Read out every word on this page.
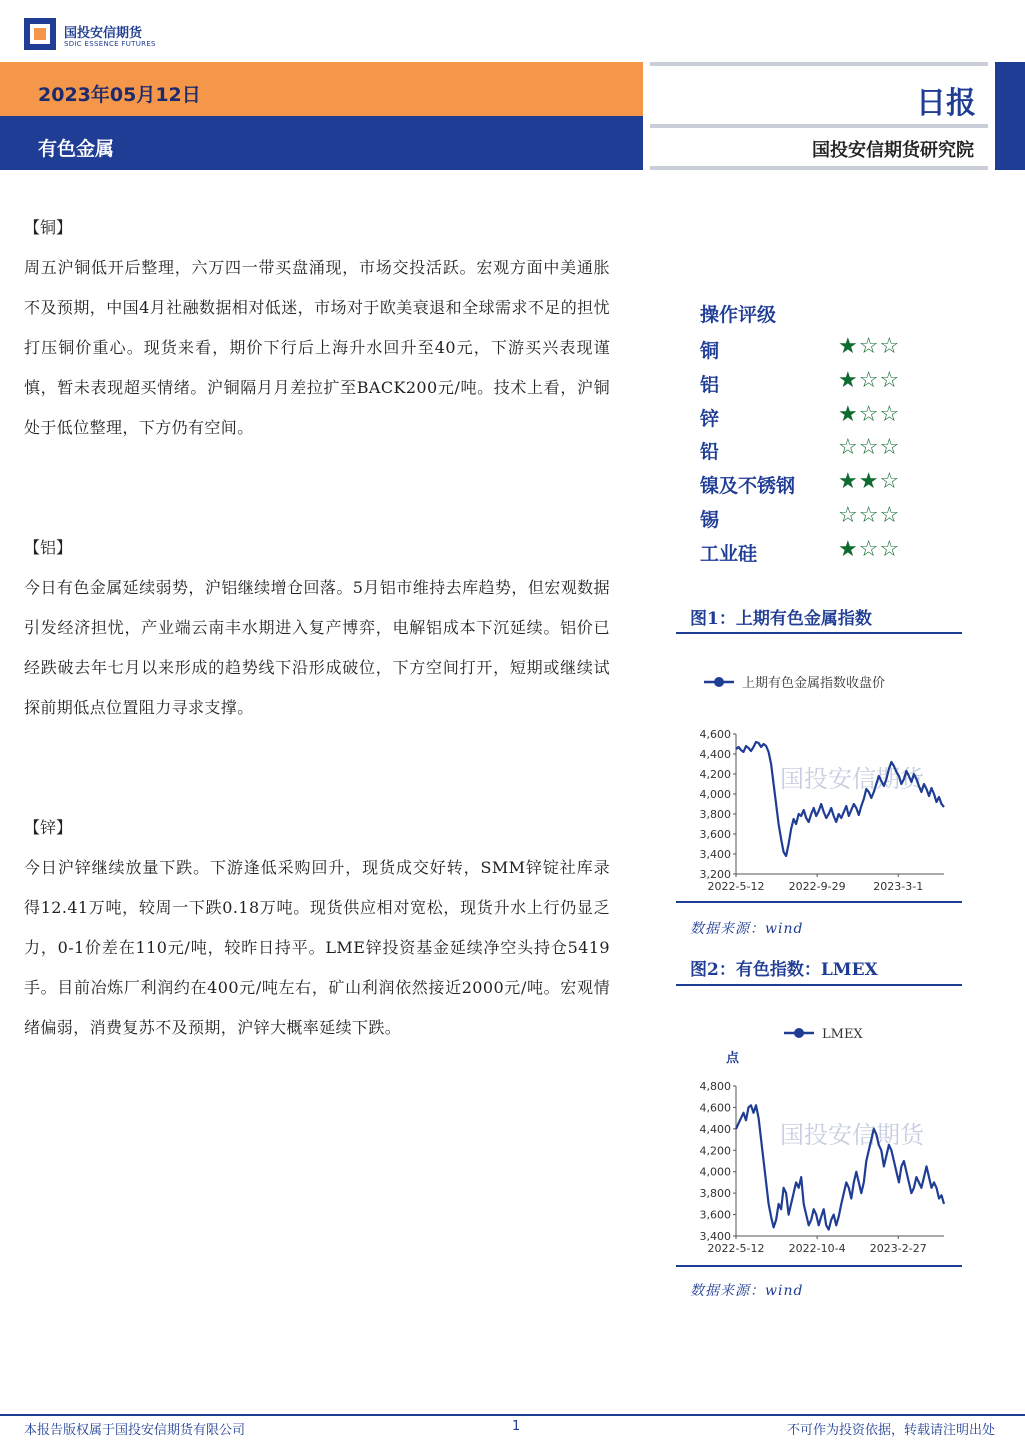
国投安信期货
SDIC ESSENCE FUTURES
2023年05月12日
有色金属
日报
国投安信期货研究院
【铜】
周五沪铜低开后整理，六万四一带买盘涌现，市场交投活跃。宏观方面中美通胀不及预期，中国4月社融数据相对低迷，市场对于欧美衰退和全球需求不足的担忧打压铜价重心。现货来看，期价下行后上海升水回升至40元，下游买兴表现谨慎，暂未表现超买情绪。沪铜隔月月差拉扩至BACK200元/吨。技术上看，沪铜处于低位整理，下方仍有空间。
【铝】
今日有色金属延续弱势，沪铝继续增仓回落。5月铝市维持去库趋势，但宏观数据引发经济担忧，产业端云南丰水期进入复产博弈，电解铝成本下沉延续。铝价已经跌破去年七月以来形成的趋势线下沿形成破位，下方空间打开，短期或继续试探前期低点位置阻力寻求支撑。
【锌】
今日沪锌继续放量下跌。下游逢低采购回升，现货成交好转，SMM锌锭社库录得12.41万吨，较周一下跌0.18万吨。现货供应相对宽松，现货升水上行仍显乏力，0-1价差在110元/吨，较昨日持平。LME锌投资基金延续净空头持仓5419手。目前冶炼厂利润约在400元/吨左右，矿山利润依然接近2000元/吨。宏观情绪偏弱，消费复苏不及预期，沪锌大概率延续下跌。
操作评级
铜	★☆☆
铝	★☆☆
锌	★☆☆
铅	☆☆☆
镍及不锈钢 ★★☆
锡	☆☆☆
工业硅	★☆☆
图1：上期有色金属指数
上期有色金属指数收盘价
国投安信期货
3,200
3,400
3,600
3,800
4,000
4,200
4,400
4,600
2022-5-12 2022-9-29	2023-3-1
数据来源：wind
图2：有色指数：LMEX
LMEX
点
国投安信期货
3,400
3,600
3,800
4,000
4,200
4,400
4,600
4,800
2022-5-12 2022-10-4 2023-2-27
数据来源：wind
本报告版权属于国投安信期货有限公司	1	不可作为投资依据，转载请注明出处
